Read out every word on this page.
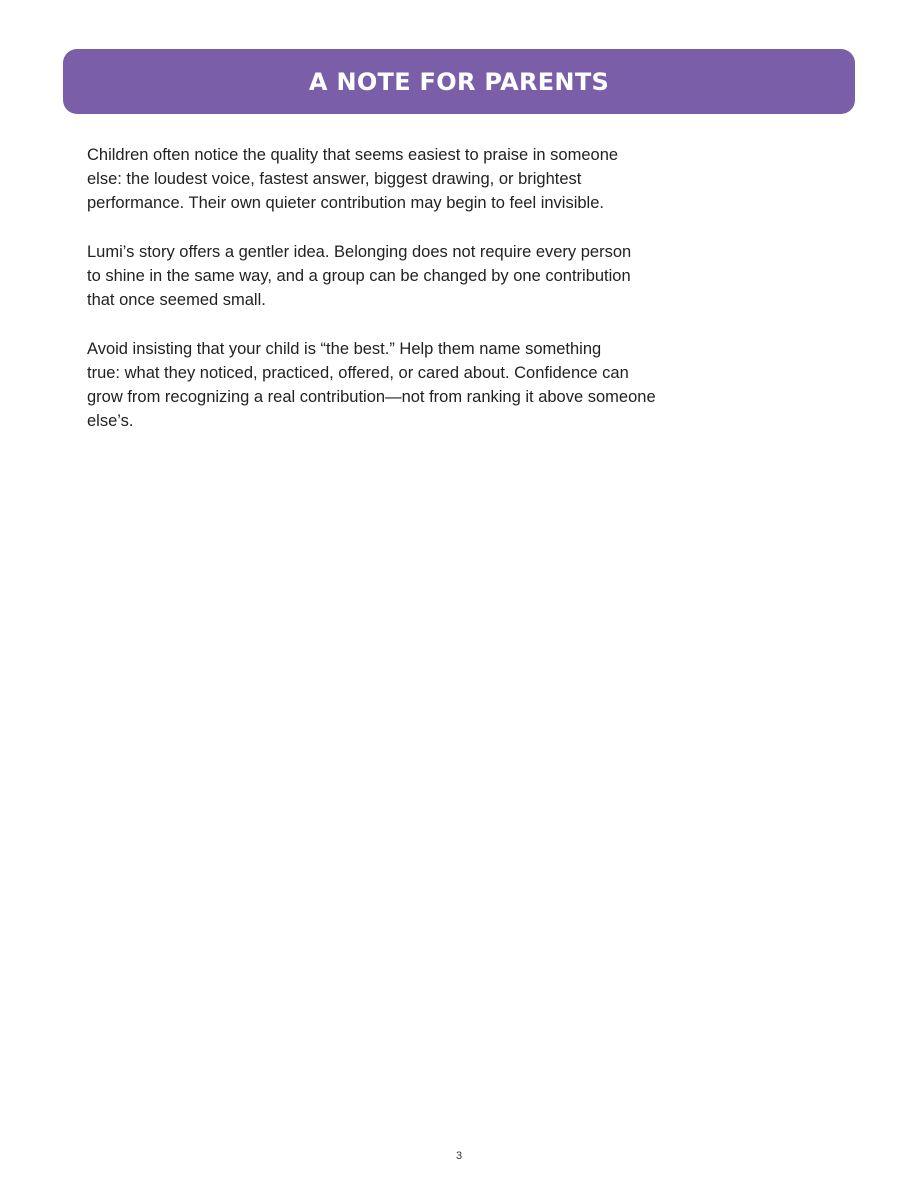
A NOTE FOR PARENTS

Children often notice the quality that seems easiest to praise in someone
else: the loudest voice, fastest answer, biggest drawing, or brightest
performance. Their own quieter contribution may begin to feel invisible.

Lumi’s story offers a gentler idea. Belonging does not require every person
to shine in the same way, and a group can be changed by one contribution
that once seemed small.

Avoid insisting that your child is “the best.” Help them name something
true: what they noticed, practiced, offered, or cared about. Confidence can
grow from recognizing a real contribution—not from ranking it above someone
else’s.

3
